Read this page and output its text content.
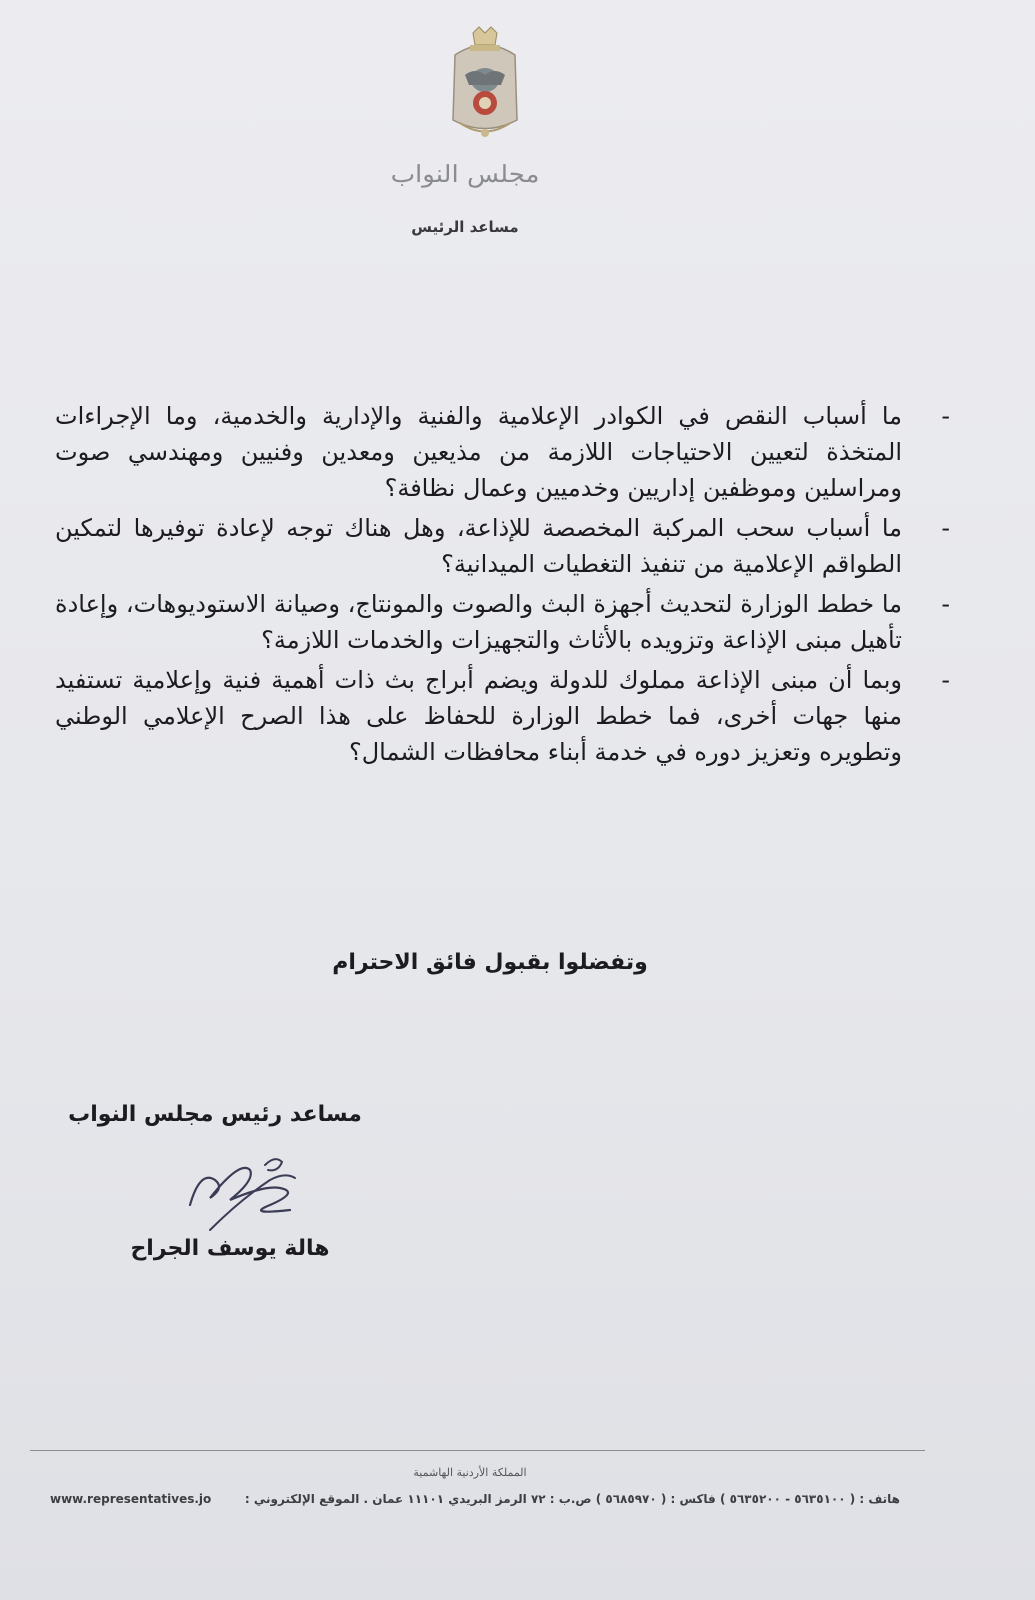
مجلس النواب
مساعد الرئيس
-
ما أسباب النقص في الكوادر الإعلامية والفنية والإدارية والخدمية، وما الإجراءات المتخذة لتعيين الاحتياجات اللازمة من مذيعين ومعدين وفنيين ومهندسي صوت ومراسلين وموظفين إداريين وخدميين وعمال نظافة؟
-
ما أسباب سحب المركبة المخصصة للإذاعة، وهل هناك توجه لإعادة توفيرها لتمكين الطواقم الإعلامية من تنفيذ التغطيات الميدانية؟
-
ما خطط الوزارة لتحديث أجهزة البث والصوت والمونتاج، وصيانة الاستوديوهات، وإعادة تأهيل مبنى الإذاعة وتزويده بالأثاث والتجهيزات والخدمات اللازمة؟
-
وبما أن مبنى الإذاعة مملوك للدولة ويضم أبراج بث ذات أهمية فنية وإعلامية تستفيد منها جهات أخرى، فما خطط الوزارة للحفاظ على هذا الصرح الإعلامي الوطني وتطويره وتعزيز دوره في خدمة أبناء محافظات الشمال؟
وتفضلوا بقبول فائق الاحترام
مساعد رئيس مجلس النواب
هالة يوسف الجراح
المملكة الأردنية الهاشمية
هاتف : ( ٥٦٣٥١٠٠ - ٥٦٣٥٢٠٠ ) فاكس : ( ٥٦٨٥٩٧٠ ) ص.ب : ٧٢ الرمز البريدي ١١١٠١ عمان . الموقع الإلكتروني :
www.representatives.jo
